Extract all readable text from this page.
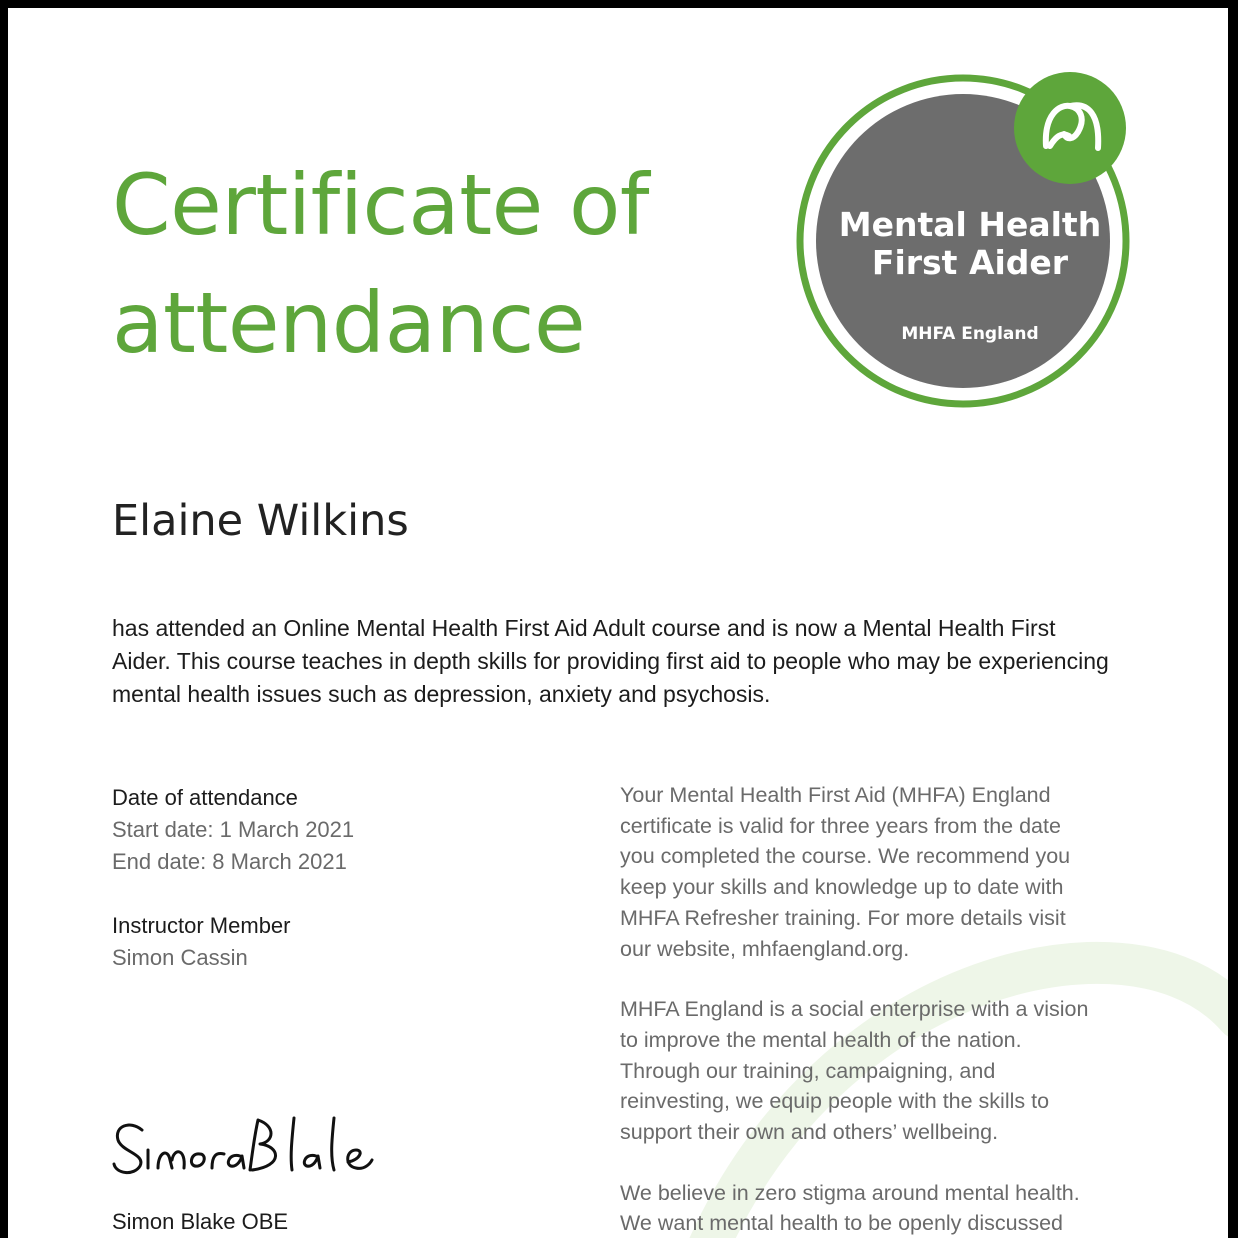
Certificate of
attendance
Mental Health
First Aider
MHFA England
Elaine Wilkins
has attended an Online Mental Health First Aid Adult course and is now a Mental Health First Aider. This course teaches in depth skills for providing first aid to people who may be experiencing mental health issues such as depression, anxiety and psychosis.
Date of attendance
Start date: 1 March 2021
End date: 8 March 2021
Instructor Member
Simon Cassin
Simon Blake OBE

Your Mental Health First Aid (MHFA) England certificate is valid for three years from the date you completed the course. We recommend you keep your skills and knowledge up to date with MHFA Refresher training. For more details visit our website, mhfaengland.org.

MHFA England is a social enterprise with a vision to improve the mental health of the nation. Through our training, campaigning, and reinvesting, we equip people with the skills to support their own and others’ wellbeing.

We believe in zero stigma around mental health. We want mental health to be openly discussed
